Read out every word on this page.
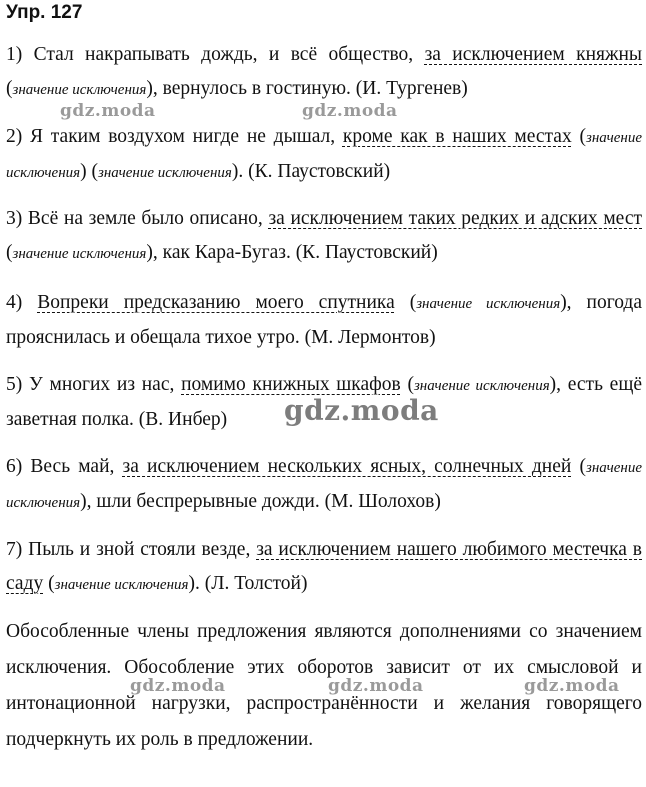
Упр. 127
1) Стал накрапывать дождь, и всё общество, за исключением княжны (значение исключения), вернулось в гостиную. (И. Тургенев)
2) Я таким воздухом нигде не дышал, кроме как в наших местах (значение исключения) (значение исключения). (К. Паустовский)
3) Всё на земле было описано, за исключением таких редких и адских мест (значение исключения), как Кара-Бугаз. (К. Паустовский)
4) Вопреки предсказанию моего спутника (значение исключения), погода прояснилась и обещала тихое утро. (М. Лермонтов)
5) У многих из нас, помимо книжных шкафов (значение исключения), есть ещё заветная полка. (В. Инбер)
6) Весь май, за исключением нескольких ясных, солнечных дней (значение исключения), шли беспрерывные дожди. (М. Шолохов)
7) Пыль и зной стояли везде, за исключением нашего любимого местечка в саду (значение исключения). (Л. Толстой)
Обособленные члены предложения являются дополнениями со значением исключения. Обособление этих оборотов зависит от их смысловой и интонационной нагрузки, распространённости и желания говорящего подчеркнуть их роль в предложении.
gdz.moda	gdz.moda
gdz.moda
gdz.moda	gdz.moda	gdz.moda
